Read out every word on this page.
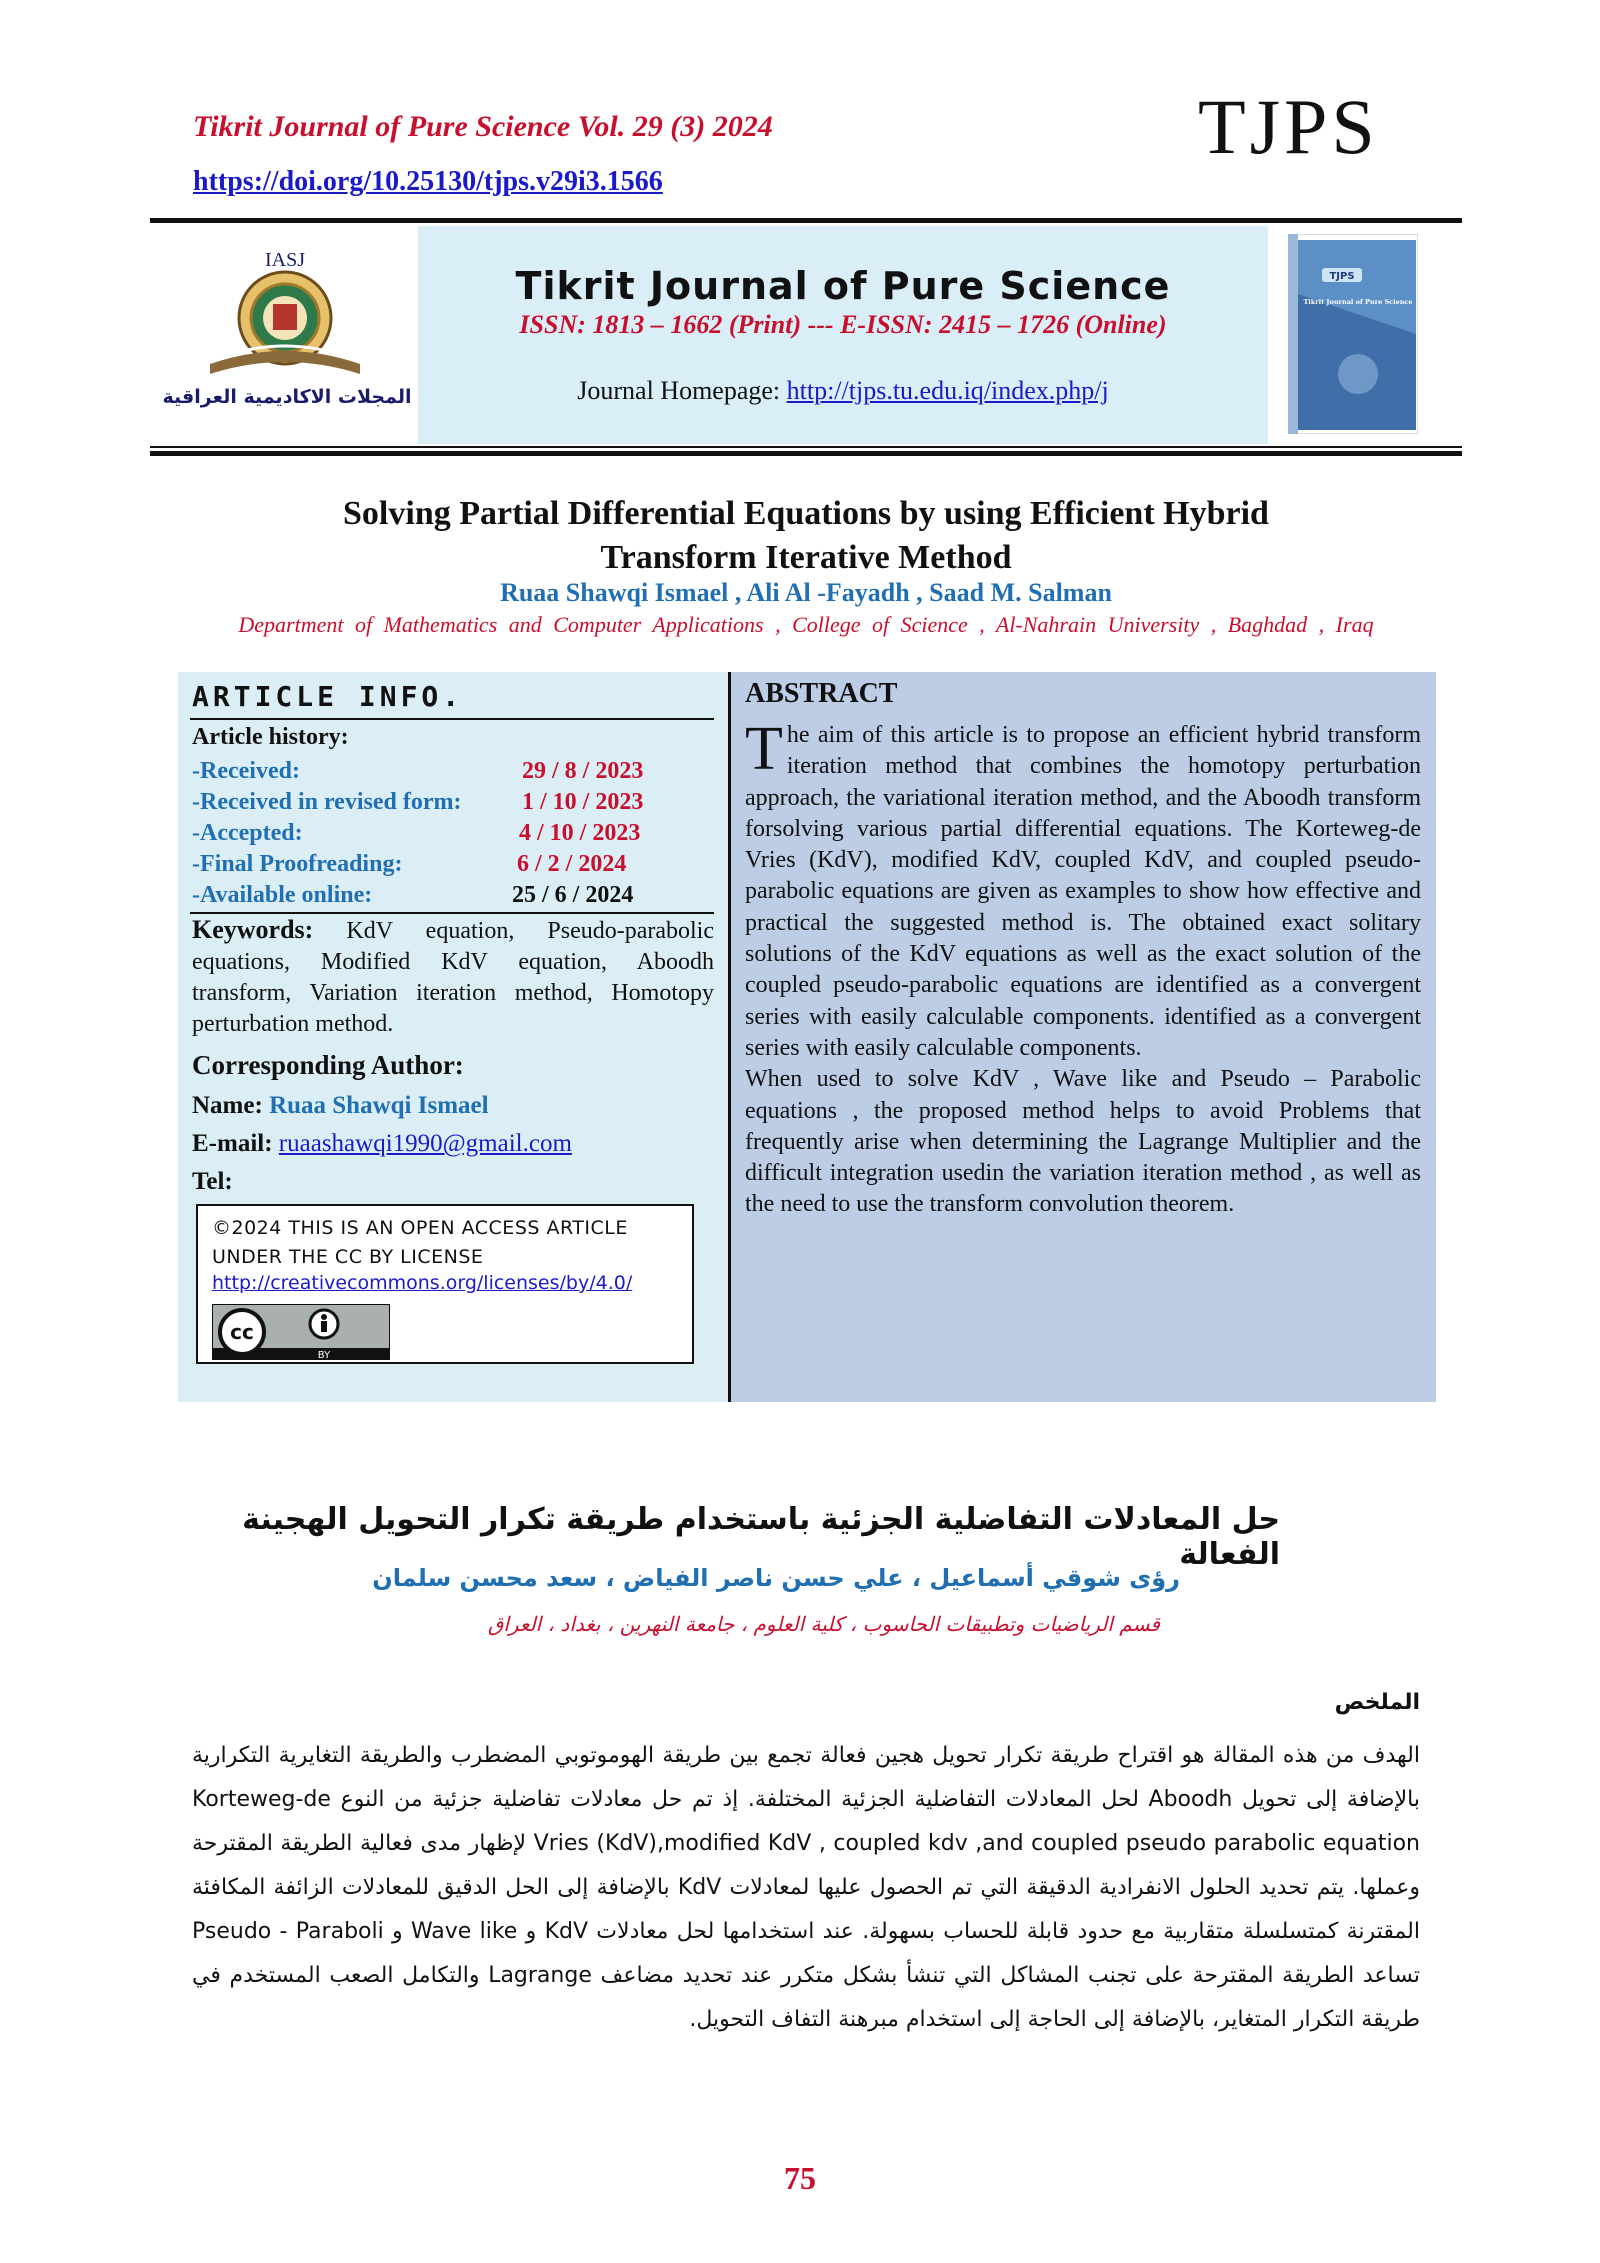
Tikrit Journal of Pure Science Vol. 29 (3) 2024
https://doi.org/10.25130/tjps.v29i3.1566
TJPS
IASJ
المجلات الاكاديمية العراقية
Tikrit Journal of Pure Science
ISSN: 1813 – 1662 (Print) --- E-ISSN: 2415 – 1726 (Online)
Journal Homepage: http://tjps.tu.edu.iq/index.php/j
TJPS
Tikrit Journal of Pure Science
Solving Partial Differential Equations by using Efficient Hybrid
Transform Iterative Method
Ruaa Shawqi Ismael , Ali Al -Fayadh , Saad M. Salman
Department of Mathematics and Computer Applications , College of Science , Al-Nahrain University , Baghdad , Iraq
ARTICLE INFO.
Article history:
-Received:	29 / 8 / 2023
-Received in revised form:	1 / 10 / 2023
-Accepted:	4 / 10 / 2023
-Final Proofreading:	6 / 2 / 2024
-Available online:	25 / 6 / 2024
Keywords: KdV equation, Pseudo-parabolic equations, Modified KdV equation, Aboodh transform, Variation iteration method, Homotopy perturbation method.
Corresponding Author:
Name: Ruaa Shawqi Ismael
E-mail: ruaashawqi1990@gmail.com
Tel:
©2024 THIS IS AN OPEN ACCESS ARTICLE UNDER THE CC BY LICENSE
http://creativecommons.org/licenses/by/4.0/
BY
cc
ABSTRACT
The aim of this article is to propose an efficient hybrid transform iteration method that combines the homotopy perturbation approach, the variational iteration method, and the Aboodh transform forsolving various partial differential equations. The Korteweg-de Vries (KdV), modified KdV, coupled KdV, and coupled pseudo-parabolic equations are given as examples to show how effective and practical the suggested method is. The obtained exact solitary solutions of the KdV equations as well as the exact solution of the coupled pseudo-parabolic equations are identified as a convergent series with easily calculable components. identified as a convergent series with easily calculable components.
When used to solve KdV , Wave like and Pseudo – Parabolic equations , the proposed method helps to avoid Problems that frequently arise when determining the Lagrange Multiplier and the difficult integration usedin the variation iteration method , as well as the need to use the transform convolution theorem.
حل المعادلات التفاضلية الجزئية باستخدام طريقة تكرار التحويل الهجينة الفعالة
رؤى شوقي أسماعيل ، علي حسن ناصر الفياض ، سعد محسن سلمان
قسم الرياضيات وتطبيقات الحاسوب ، كلية العلوم ، جامعة النهرين ، بغداد ، العراق
الملخص
الهدف من هذه المقالة هو اقتراح طريقة تكرار تحويل هجين فعالة تجمع بين طريقة الهوموتوبي المضطرب والطريقة التغايرية التكرارية بالإضافة إلى تحويل Aboodh لحل المعادلات التفاضلية الجزئية المختلفة. إذ تم حل معادلات تفاضلية جزئية من النوع Korteweg-de Vries (KdV),modified KdV , coupled kdv ,and coupled pseudo parabolic equation لإظهار مدى فعالية الطريقة المقترحة وعملها. يتم تحديد الحلول الانفرادية الدقيقة التي تم الحصول عليها لمعادلات KdV بالإضافة إلى الحل الدقيق للمعادلات الزائفة المكافئة المقترنة كمتسلسلة متقاربية مع حدود قابلة للحساب بسهولة. عند استخدامها لحل معادلات KdV و Wave like و Pseudo - Paraboli تساعد الطريقة المقترحة على تجنب المشاكل التي تنشأ بشكل متكرر عند تحديد مضاعف Lagrange والتكامل الصعب المستخدم في طريقة التكرار المتغاير، بالإضافة إلى الحاجة إلى استخدام مبرهنة التفاف التحويل.
75
